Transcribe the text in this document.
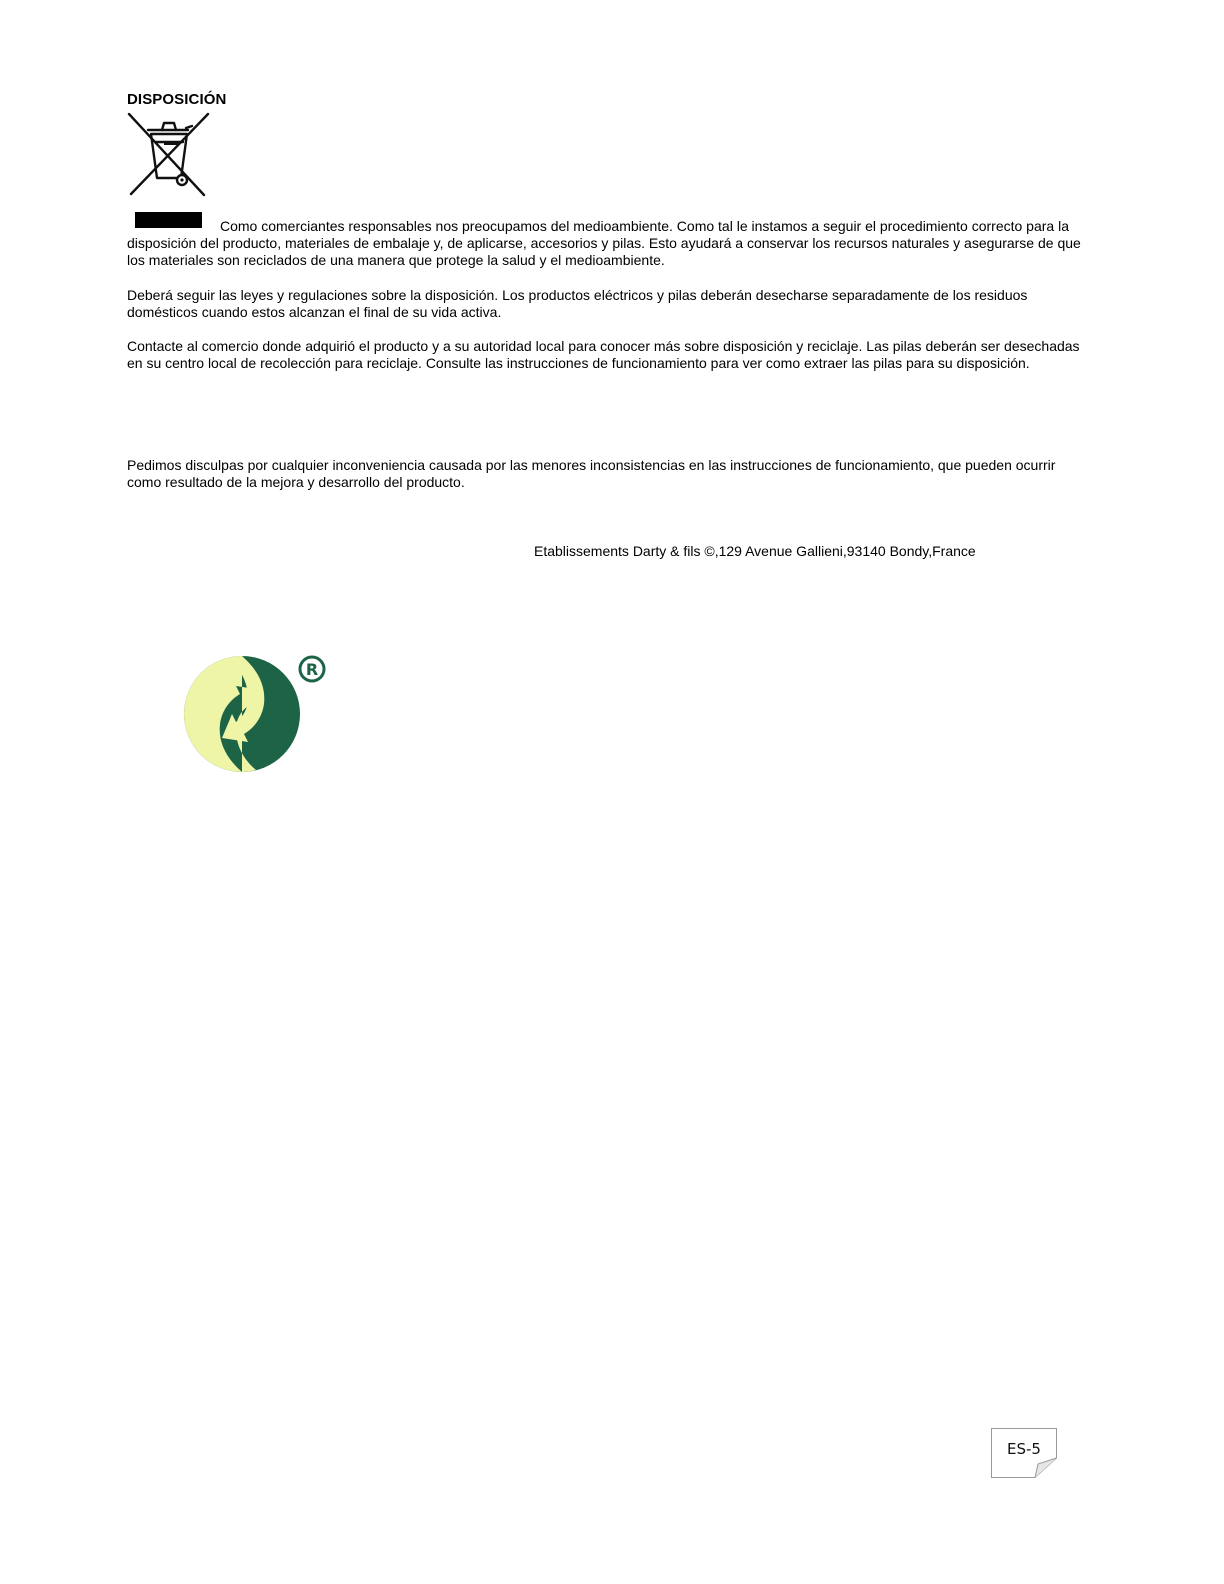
DISPOSICIÓN

Como comerciantes responsables nos preocupamos del medioambiente. Como tal le instamos a seguir el procedimiento correcto para la disposición del producto, materiales de embalaje y, de aplicarse, accesorios y pilas. Esto ayudará a conservar los recursos naturales y asegurarse de que los materiales son reciclados de una manera que protege la salud y el medioambiente.

Deberá seguir las leyes y regulaciones sobre la disposición. Los productos eléctricos y pilas deberán desecharse separadamente de los residuos domésticos cuando estos alcanzan el final de su vida activa.

Contacte al comercio donde adquirió el producto y a su autoridad local para conocer más sobre disposición y reciclaje. Las pilas deberán ser desechadas en su centro local de recolección para reciclaje. Consulte las instrucciones de funcionamiento para ver como extraer las pilas para su disposición.

Pedimos disculpas por cualquier inconveniencia causada por las menores inconsistencias en las instrucciones de funcionamiento, que pueden ocurrir como resultado de la mejora y desarrollo del producto.

Etablissements Darty & fils ©,129 Avenue Gallieni,93140 Bondy,France
R
ES-5
